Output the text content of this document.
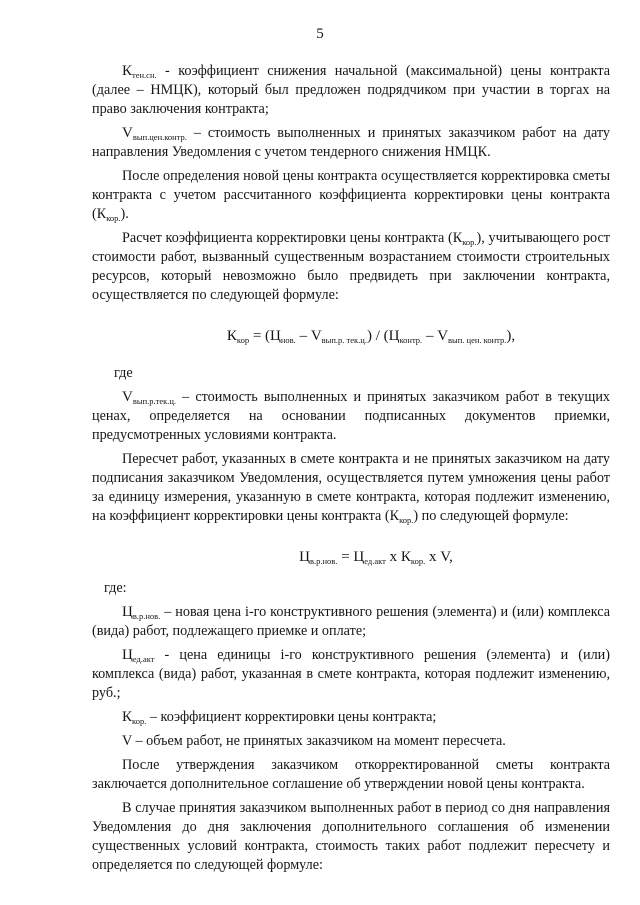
5

$К_{тен.сн.}$ - коэффициент снижения начальной (максимальной) цены контракта (далее – НМЦК), который был предложен подрядчиком при участии в торгах на право заключения контракта;

$V_{вып.цен.контр.}$ – стоимость выполненных и принятых заказчиком работ на дату направления Уведомления с учетом тендерного снижения НМЦК.

После определения новой цены контракта осуществляется корректировка сметы контракта с учетом рассчитанного коэффициента корректировки цены контракта $(К_{кор.})$.

Расчет коэффициента корректировки цены контракта $(К_{кор.})$, учитывающего рост стоимости работ, вызванный существенным возрастанием стоимости строительных ресурсов, который невозможно было предвидеть при заключении контракта, осуществляется по следующей формуле:

$К_{кор} = (Ц_{нов.} - V_{вып.р. тек.ц.}) / (Ц_{контр.} - V_{вып. цен. контр.})$,

где

$V_{вып.р.тек.ц.}$ – стоимость выполненных и принятых заказчиком работ в текущих ценах, определяется на основании подписанных документов приемки, предусмотренных условиями контракта.

Пересчет работ, указанных в смете контракта и не принятых заказчиком на дату подписания заказчиком Уведомления, осуществляется путем умножения цены работ за единицу измерения, указанную в смете контракта, которая подлежит изменению, на коэффициент корректировки цены контракта $(К_{кор.})$ по следующей формуле:

$Ц_{в.р.нов.} = Ц_{ед.акт}$ х $К_{кор.}$ х V,

где:

$Ц_{в.р.нов.}$ – новая цена i-го конструктивного решения (элемента) и (или) комплекса (вида) работ, подлежащего приемке и оплате;

$Ц_{ед.акт}$ - цена единицы i-го конструктивного решения (элемента) и (или) комплекса (вида) работ, указанная в смете контракта, которая подлежит изменению, руб.;

$К_{кор.}$ – коэффициент корректировки цены контракта;

V – объем работ, не принятых заказчиком на момент пересчета.

После утверждения заказчиком откорректированной сметы контракта заключается дополнительное соглашение об утверждении новой цены контракта.

В случае принятия заказчиком выполненных работ в период со дня направления Уведомления до дня заключения дополнительного соглашения об изменении существенных условий контракта, стоимость таких работ подлежит пересчету и определяется по следующей формуле:
